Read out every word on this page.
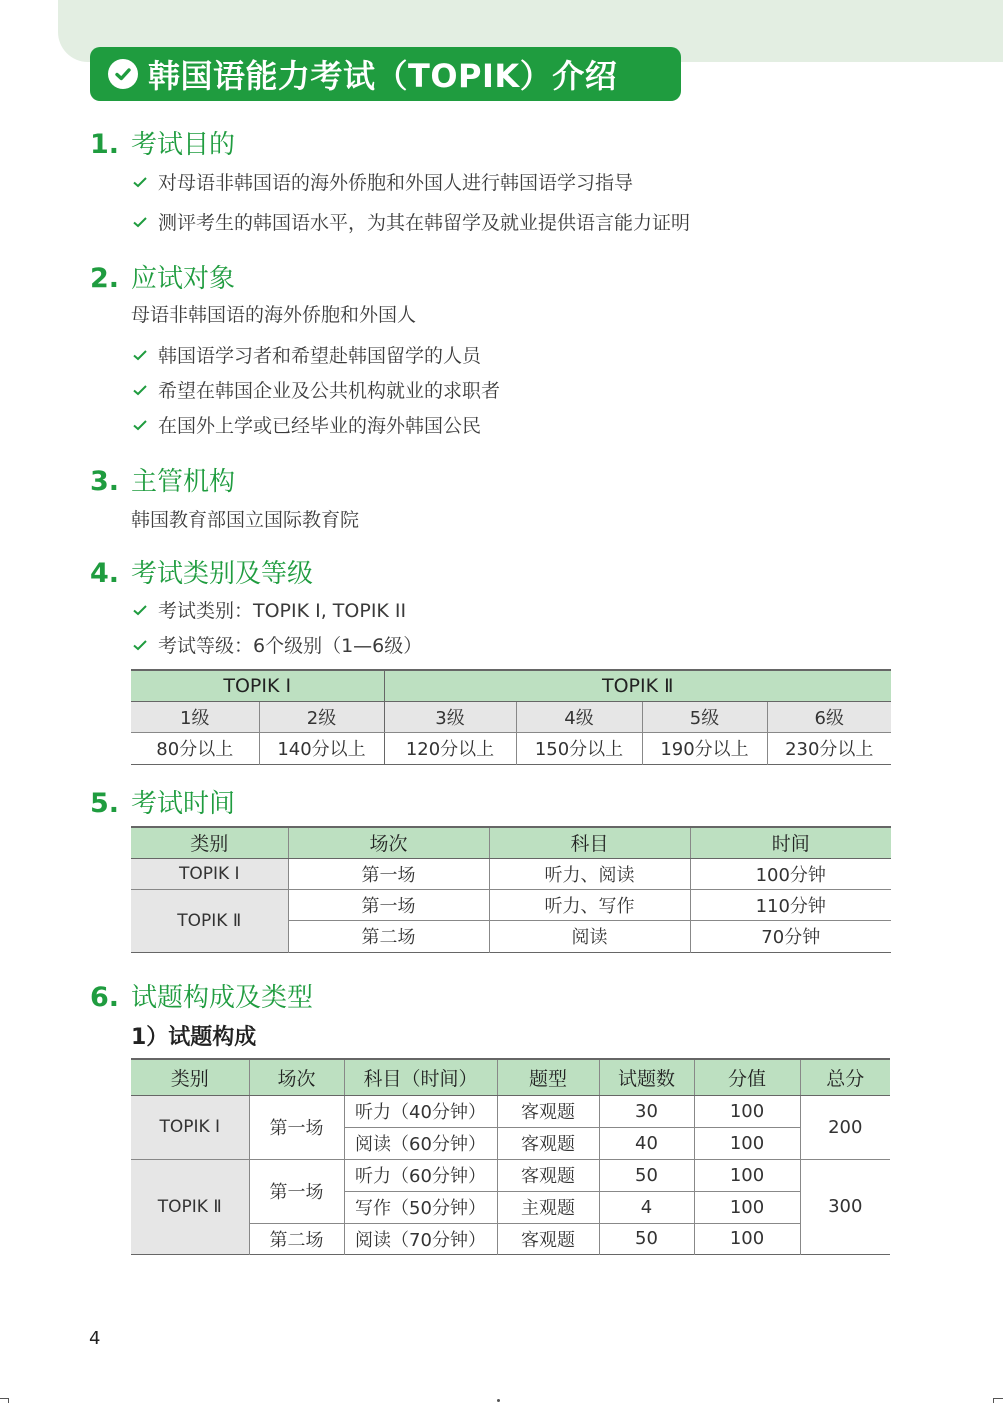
韩国语能力考试（TOPIK）介绍
1. 考试目的
对母语非韩国语的海外侨胞和外国人进行韩国语学习指导
测评考生的韩国语水平，为其在韩留学及就业提供语言能力证明
2. 应试对象
母语非韩国语的海外侨胞和外国人
韩国语学习者和希望赴韩国留学的人员
希望在韩国企业及公共机构就业的求职者
在国外上学或已经毕业的海外韩国公民
3. 主管机构
韩国教育部国立国际教育院
4. 考试类别及等级
考试类别：TOPIK I, TOPIK II
考试等级：6个级别（1—6级）
TOPIK Ⅰ		TOPIK Ⅱ			
1级	2级	3级	4级	5级	6级
80分以上	140分以上	120分以上	150分以上	190分以上	230分以上
5. 考试时间
类别	场次	科目	时间
TOPIK Ⅰ	第一场	听力、阅读	100分钟
TOPIK Ⅱ	第一场	听力、写作	110分钟
	第二场	阅读	70分钟
6. 试题构成及类型
1）试题构成
类别	场次	科目（时间）	题型	试题数	分值	总分
TOPIK Ⅰ	第一场	听力（40分钟）	客观题	30	100	200
		阅读（60分钟）	客观题	40	100	
TOPIK Ⅱ	第一场	听力（60分钟）	客观题	50	100	300
		写作（50分钟）	主观题	4	100	
	第二场	阅读（70分钟）	客观题	50	100	
4
